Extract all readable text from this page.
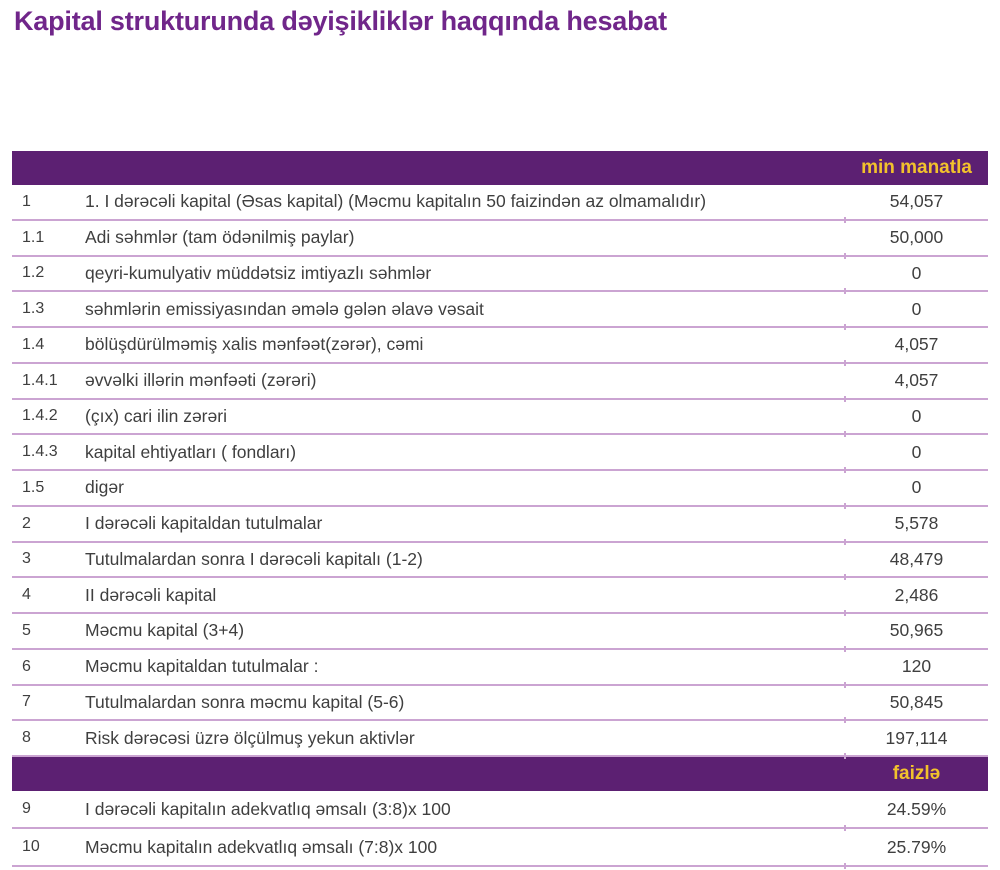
Kapital strukturunda dəyişikliklər haqqında hesabat
min manatla
1	1. I dərəcəli kapital (Əsas kapital) (Məcmu kapitalın 50 faizindən az olmamalıdır)	54,057
1.1	Adi səhmlər (tam ödənilmiş paylar)	50,000
1.2	qeyri-kumulyativ müddətsiz imtiyazlı səhmlər	0
1.3	səhmlərin emissiyasından əmələ gələn əlavə vəsait	0
1.4	bölüşdürülməmiş xalis mənfəət(zərər), cəmi	4,057
1.4.1	əvvəlki illərin mənfəəti (zərəri)	4,057
1.4.2	(çıx) cari ilin zərəri	0
1.4.3	kapital ehtiyatları ( fondları)	0
1.5	digər	0
2	I dərəcəli kapitaldan tutulmalar	5,578
3	Tutulmalardan sonra I dərəcəli kapitalı (1-2)	48,479
4	II dərəcəli kapital	2,486
5	Məcmu kapital (3+4)	50,965
6	Məcmu kapitaldan tutulmalar :	120
7	Tutulmalardan sonra məcmu kapital (5-6)	50,845
8	Risk dərəcəsi üzrə ölçülmuş yekun aktivlər	197,114
faizlə
9	I dərəcəli kapitalın adekvatlıq əmsalı (3:8)x 100	24.59%
10	Məcmu kapitalın adekvatlıq əmsalı (7:8)x 100	25.79%
